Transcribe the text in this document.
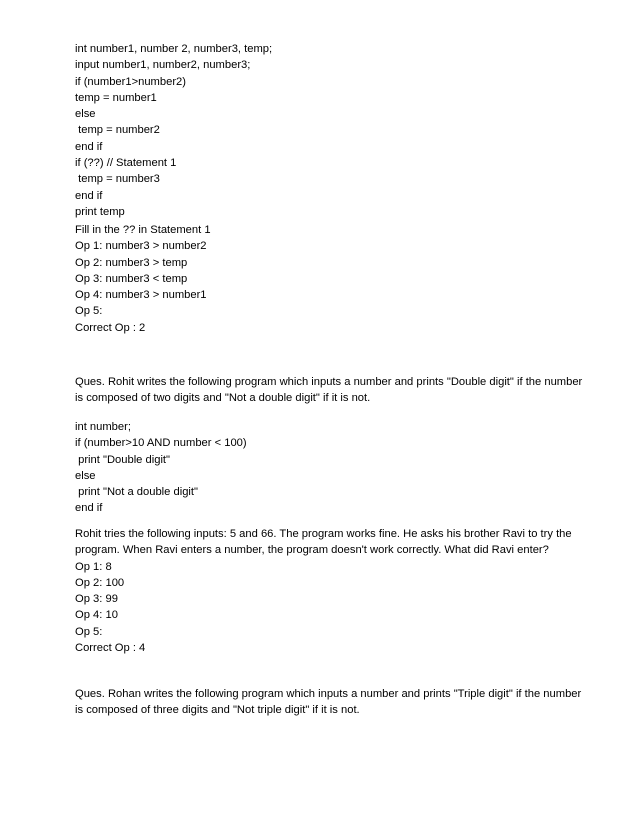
int number1, number 2, number3, temp;
input number1, number2, number3;
if (number1>number2)
temp = number1
else
temp = number2
end if
if (??) // Statement 1
temp = number3
end if
print temp
Fill in the ?? in Statement 1
Op 1: number3 > number2
Op 2: number3 > temp
Op 3: number3 < temp
Op 4: number3 > number1
Op 5:
Correct Op : 2
Ques. Rohit writes the following program which inputs a number and prints "Double digit" if the number
is composed of two digits and "Not a double digit" if it is not.
int number;
if (number>10 AND number < 100)
print "Double digit"
else
print "Not a double digit"
end if
Rohit tries the following inputs: 5 and 66. The program works fine. He asks his brother Ravi to try the
program. When Ravi enters a number, the program doesn't work correctly. What did Ravi enter?
Op 1: 8
Op 2: 100
Op 3: 99
Op 4: 10
Op 5:
Correct Op : 4
Ques. Rohan writes the following program which inputs a number and prints "Triple digit" if the number
is composed of three digits and "Not triple digit" if it is not.
